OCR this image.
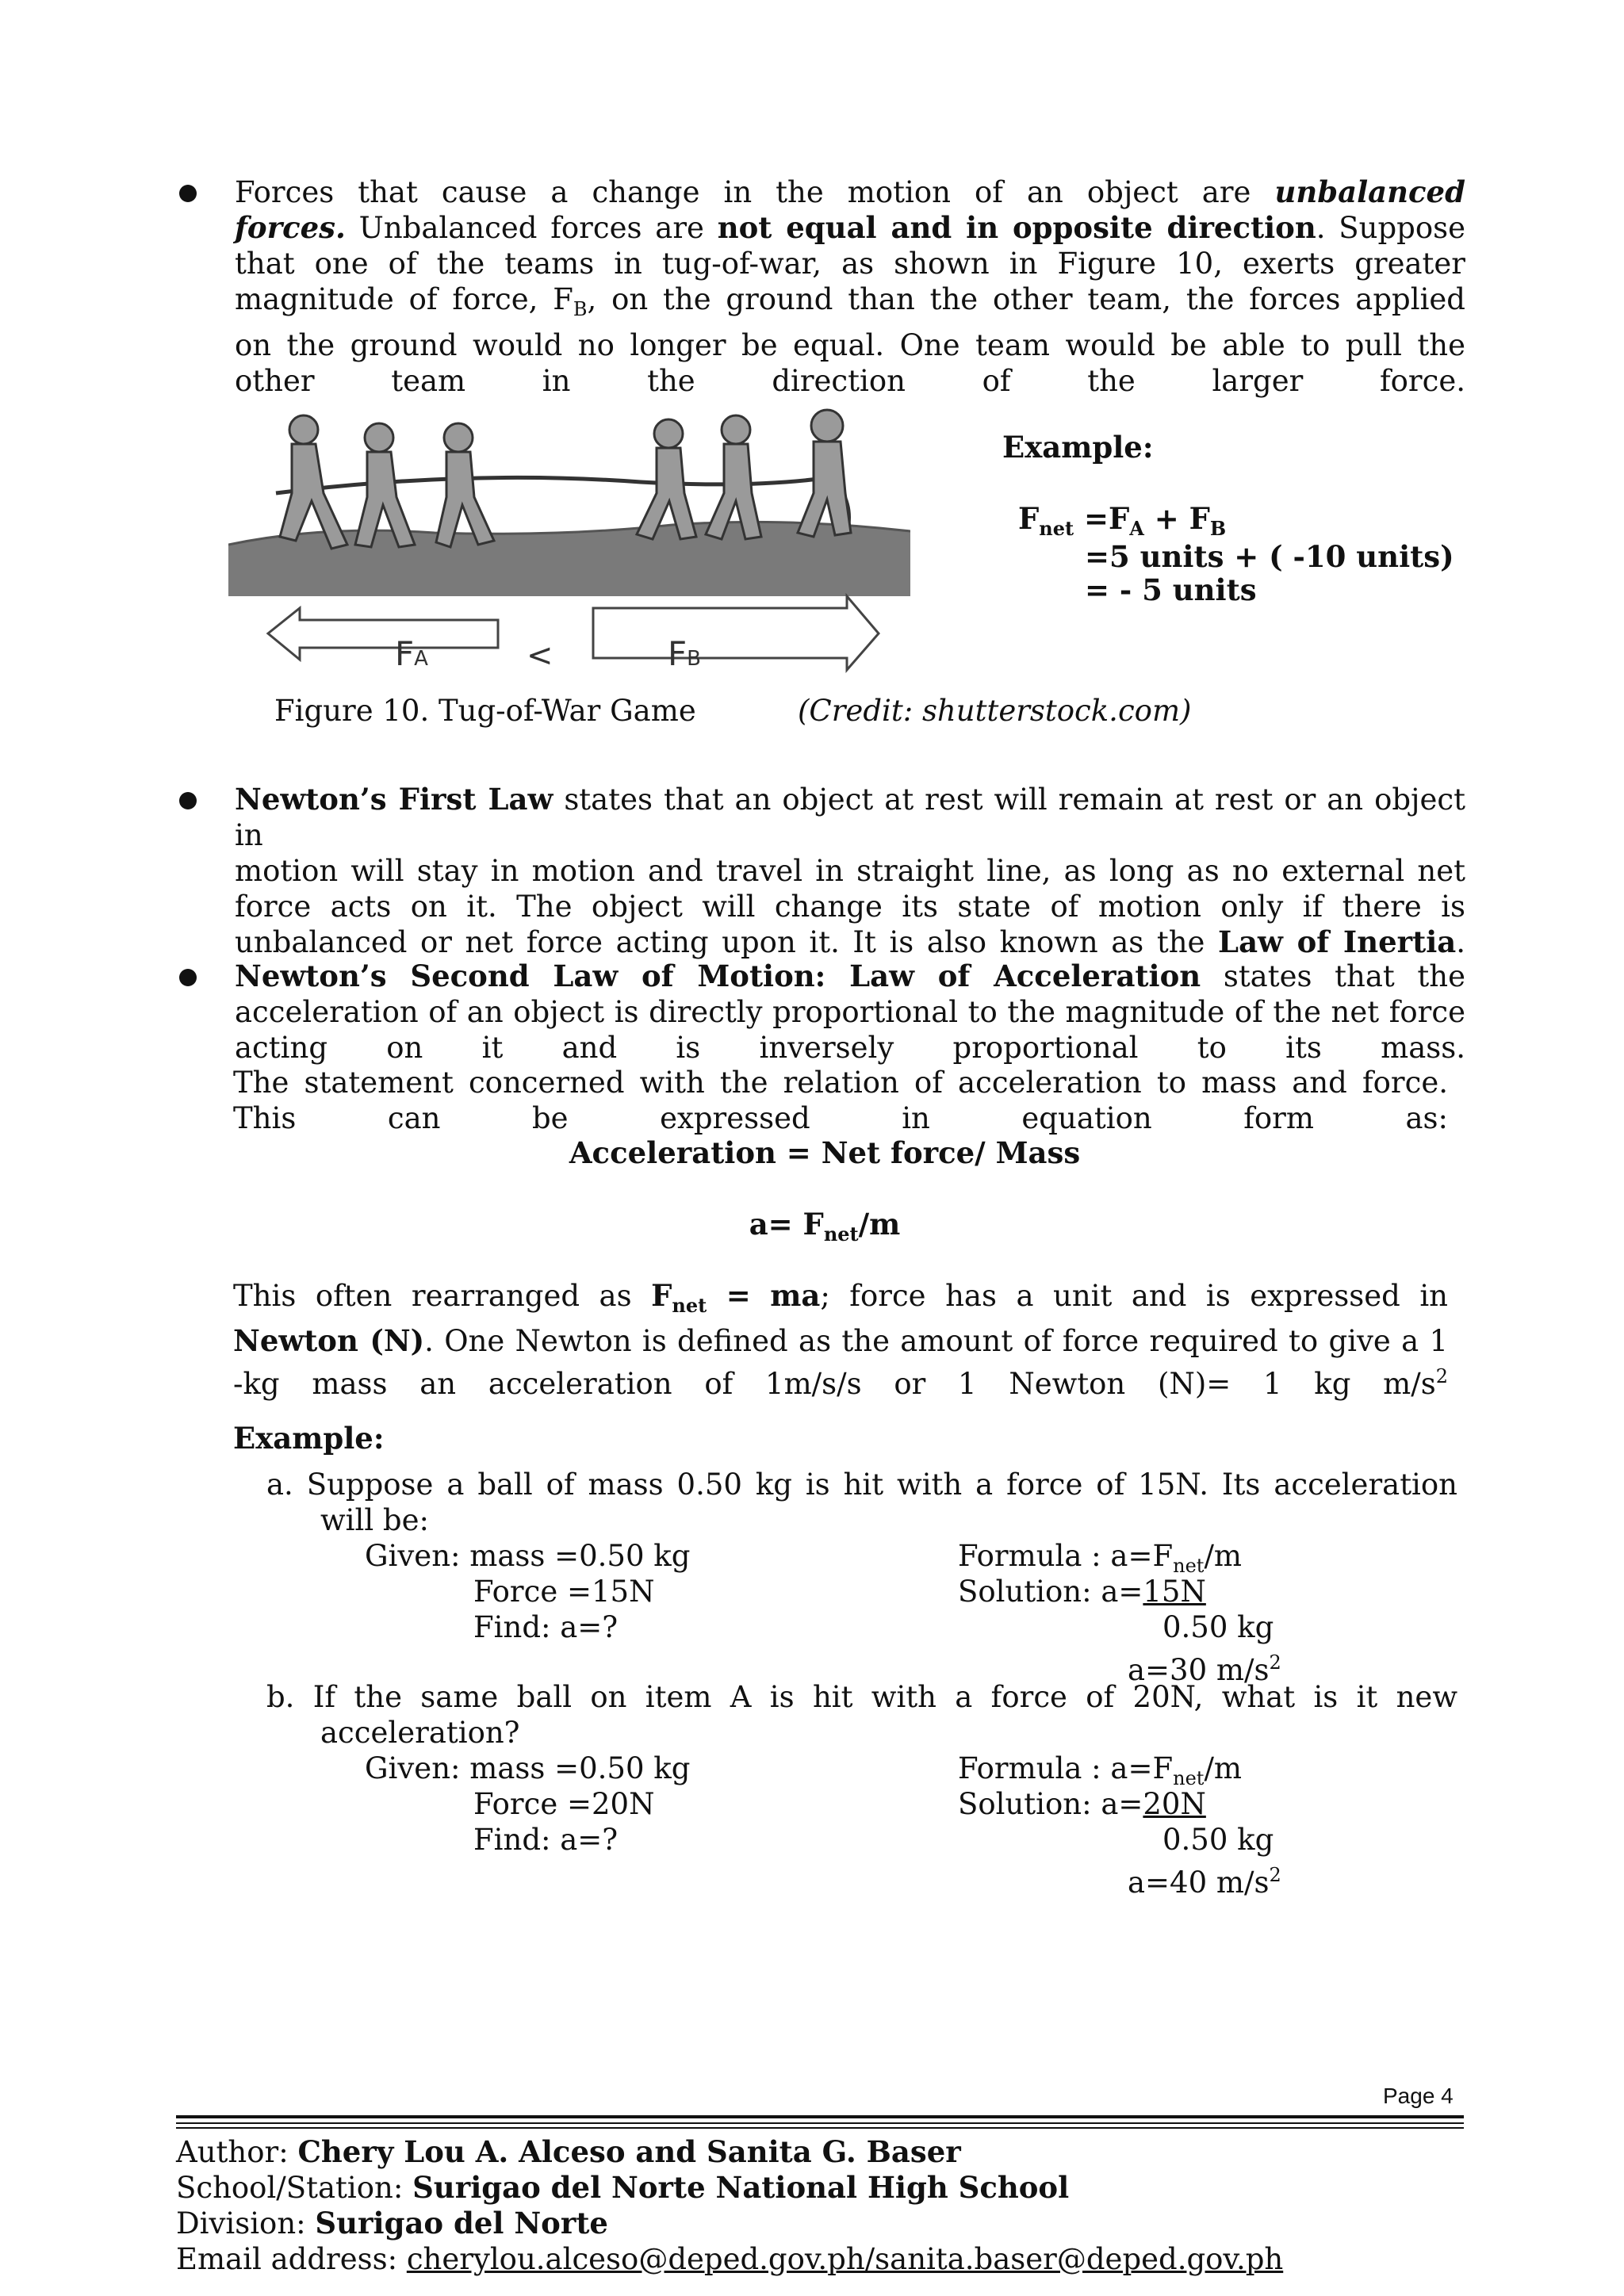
Forces that cause a change in the motion of an object are unbalanced
forces. Unbalanced forces are not equal and in opposite direction. Suppose
that one of the teams in tug-of-war, as shown in Figure 10, exerts greater
magnitude of force, $F_B$, on the ground than the other team, the forces applied
on the ground would no longer be equal. One team would be able to pull the
other team in the direction of the larger force.
FA	<	FB
Figure 10. Tug-of-War Game	(Credit: shutterstock.com)
Example:
$F_{net} =F_A + F_B$
=5 units + ( -10 units)
= - 5 units
Newton’s First Law states that an object at rest will remain at rest or an object in
motion will stay in motion and travel in straight line, as long as no external net
force acts on it. The object will change its state of motion only if there is
unbalanced or net force acting upon it. It is also known as the Law of Inertia.
Newton’s Second Law of Motion: Law of Acceleration states that the
acceleration of an object is directly proportional to the magnitude of the net force
acting on it and is inversely proportional to its mass.
The statement concerned with the relation of acceleration to mass and force.
This can be expressed in equation form as:
Acceleration = Net force/ Mass
$a= F_{net}/m$
This often rearranged as $F_{net}$ = ma; force has a unit and is expressed in
Newton (N). One Newton is defined as the amount of force required to give a 1
-kg mass an acceleration of 1m/s/s or 1 Newton (N)= 1 kg $m/s^2$
Example:
a. Suppose a ball of mass 0.50 kg is hit with a force of 15N. Its acceleration
will be:
Given: mass =0.50 kg
Force =15N
Find: a=?
Formula : $a=F_{net}/m$
Solution: a=15N
0.50 kg
a=30 $m/s^2$
b. If the same ball on item A is hit with a force of 20N, what is it new
acceleration?
Given: mass =0.50 kg
Force =20N
Find: a=?
Formula : $a=F_{net}/m$
Solution: a=20N
0.50 kg
a=40 $m/s^2$
Page 4
Author: Chery Lou A. Alceso and Sanita G. Baser
School/Station: Surigao del Norte National High School
Division: Surigao del Norte
Email address: cherylou.alceso@deped.gov.ph/sanita.baser@deped.gov.ph
